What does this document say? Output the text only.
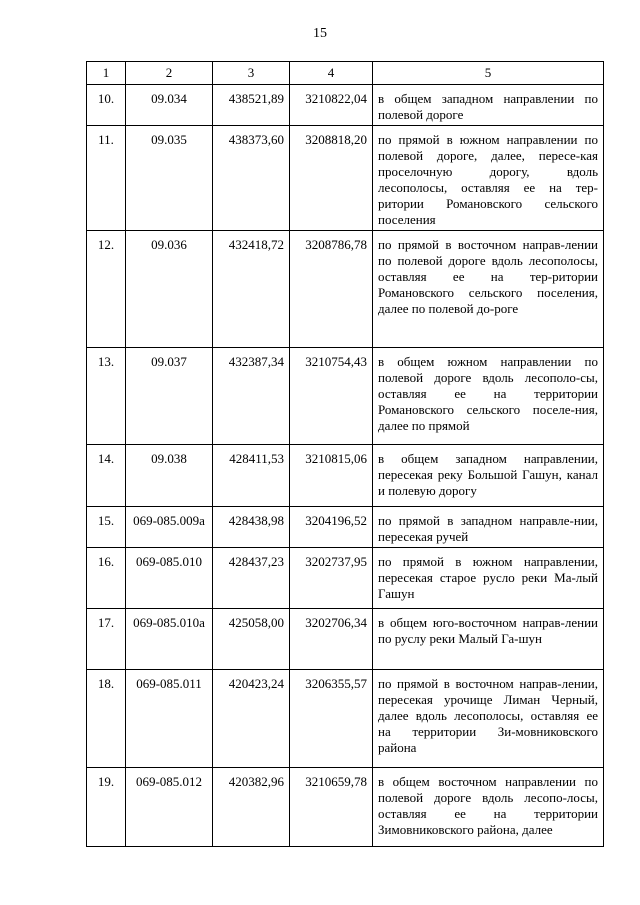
15
1	2	3	4	5
10.	09.034	438521,89	3210822,04	в общем западном направлении по полевой дороге
11.	09.035	438373,60	3208818,20	по прямой в южном направлении по полевой дороге, далее, пересе-кая проселочную дорогу, вдоль лесополосы, оставляя ее на тер-ритории Романовского сельского поселения
12.	09.036	432418,72	3208786,78	по прямой в восточном направ-лении по полевой дороге вдоль лесополосы, оставляя ее на тер-ритории Романовского сельского поселения, далее по полевой до-роге
13.	09.037	432387,34	3210754,43	в общем южном направлении по полевой дороге вдоль лесополо-сы, оставляя ее на территории Романовского сельского поселе-ния, далее по прямой
14.	09.038	428411,53	3210815,06	в общем западном направлении, пересекая реку Большой Гашун, канал и полевую дорогу
15.	069-085.009а	428438,98	3204196,52	по прямой в западном направле-нии, пересекая ручей
16.	069-085.010	428437,23	3202737,95	по прямой в южном направлении, пересекая старое русло реки Ма-лый Гашун
17.	069-085.010а	425058,00	3202706,34	в общем юго-восточном направ-лении по руслу реки Малый Га-шун
18.	069-085.011	420423,24	3206355,57	по прямой в восточном направ-лении, пересекая урочище Лиман Черный, далее вдоль лесополосы, оставляя ее на территории Зи-мовниковского района
19.	069-085.012	420382,96	3210659,78	в общем восточном направлении по полевой дороге вдоль лесопо-лосы, оставляя ее на территории Зимовниковского района, далее
